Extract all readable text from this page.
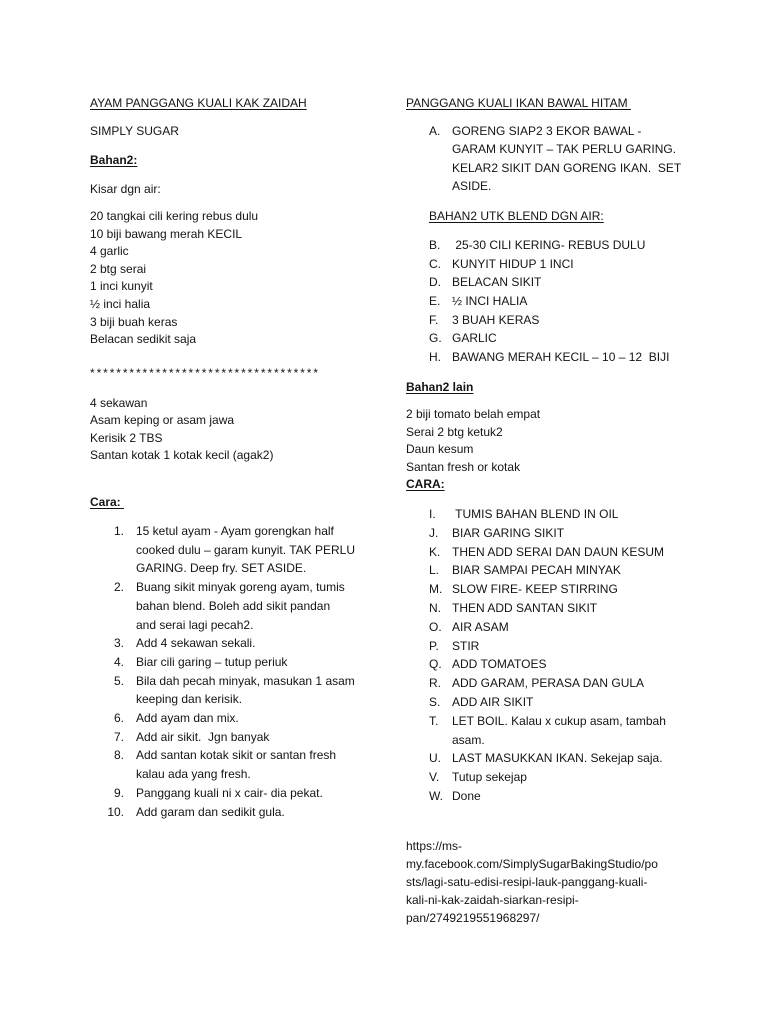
AYAM PANGGANG KUALI KAK ZAIDAH
SIMPLY SUGAR
Bahan2:
Kisar dgn air:
20 tangkai cili kering rebus dulu
10 biji bawang merah KECIL
4 garlic
2 btg serai
1 inci kunyit
½ inci halia
3 biji buah keras
Belacan sedikit saja
***********************************
4 sekawan
Asam keping or asam jawa
Kerisik 2 TBS
Santan kotak 1 kotak kecil (agak2)
Cara:
1. 15 ketul ayam - Ayam gorengkan half
cooked dulu – garam kunyit. TAK PERLU
GARING. Deep fry. SET ASIDE.
2. Buang sikit minyak goreng ayam, tumis
bahan blend. Boleh add sikit pandan
and serai lagi pecah2.
3. Add 4 sekawan sekali.
4. Biar cili garing – tutup periuk
5. Bila dah pecah minyak, masukan 1 asam
keeping dan kerisik.
6. Add ayam dan mix.
7. Add air sikit.  Jgn banyak
8. Add santan kotak sikit or santan fresh
kalau ada yang fresh.
9. Panggang kuali ni x cair- dia pekat.
10. Add garam dan sedikit gula.
PANGGANG KUALI IKAN BAWAL HITAM
A. GORENG SIAP2 3 EKOR BAWAL -
GARAM KUNYIT – TAK PERLU GARING.
KELAR2 SIKIT DAN GORENG IKAN.  SET
ASIDE.
BAHAN2 UTK BLEND DGN AIR:
B. 25-30 CILI KERING- REBUS DULU
C. KUNYIT HIDUP 1 INCI
D. BELACAN SIKIT
E. ½ INCI HALIA
F. 3 BUAH KERAS
G. GARLIC
H. BAWANG MERAH KECIL – 10 – 12  BIJI
Bahan2 lain
2 biji tomato belah empat
Serai 2 btg ketuk2
Daun kesum
Santan fresh or kotak
CARA:
I. TUMIS BAHAN BLEND IN OIL
J. BIAR GARING SIKIT
K. THEN ADD SERAI DAN DAUN KESUM
L. BIAR SAMPAI PECAH MINYAK
M. SLOW FIRE- KEEP STIRRING
N. THEN ADD SANTAN SIKIT
O. AIR ASAM
P. STIR
Q. ADD TOMATOES
R. ADD GARAM, PERASA DAN GULA
S. ADD AIR SIKIT
T. LET BOIL. Kalau x cukup asam, tambah
asam.
U. LAST MASUKKAN IKAN. Sekejap saja.
V. Tutup sekejap
W. Done
https://ms-
my.facebook.com/SimplySugarBakingStudio/po
sts/lagi-satu-edisi-resipi-lauk-panggang-kuali-
kali-ni-kak-zaidah-siarkan-resipi-
pan/2749219551968297/
